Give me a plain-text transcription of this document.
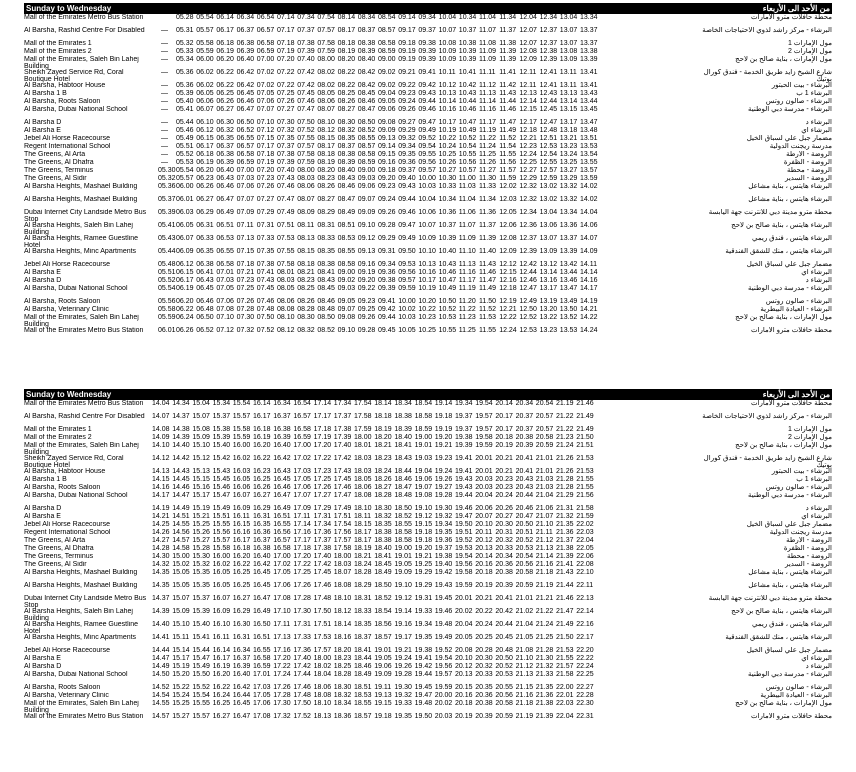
Sunday to Wednesday	من الأحد الى الأربعاء
Mall of the Emirates Metro Bus Station	05.28 05.54 06.14 06.34 06.54 07.14 07.34 07.54 08.14 08.34 08.54 09.14 09.34 10.04 10.34 11.04 11.34 12.04 12.34 13.04 13.34	محطة حافلات مترو الامارات
Al Barsha, Rashid Centre For Disabled	— 05.31 05.57 06.17 06.37 06.57 07.17 07.37 07.57 08.17 08.37 08.57 09.17 09.37 10.07 10.37 11.07 11.37 12.07 12.37 13.07 13.37	البرشاء - مركز راشد لذوي الاحتياجات الخاصة
Mall of the Emirates 1	— 05.32 05.58 06.18 06.38 06.58 07.18 07.38 07.58 08.18 08.38 08.58 09.18 09.38 10.08 10.38 11.08 11.38 12.07 12.37 13.07 13.37	مول الإمارات 1
Mall of the Emirates 2	— 05.33 05.59 06.19 06.39 06.59 07.19 07.39 07.59 08.19 08.39 08.59 09.19 09.39 10.09 10.39 11.09 11.39 12.08 12.38 13.08 13.38	مول الإمارات 2
Mall of the Emirates, Saleh Bin Lahej Building
— 05.34 06.00 06.20 06.40 07.00 07.20 07.40 08.00 08.20 08.40 09.00 09.19 09.39 10.09 10.39 11.09 11.39 12.09 12.39 13.09 13.39	مول الإمارات ، بناية صالح بن لاحج
Sheikh Zayed Service Rd, Coral Boutique Hotel
— 05.36 06.02 06.22 06.42 07.02 07.22 07.42 08.02 08.22 08.42 09.02 09.21 09.41 10.11 10.41 11.11 11.41 12.11 12.41 13.11 13.41	شارع الشيخ زايد طريق الخدمة - فندق كورال بوتيك
Al Barsha, Habtoor House	— 05.36 06.02 06.22 06.42 07.02 07.22 07.42 08.02 08.22 08.42 09.02 09.22 09.42 10.12 10.42 11.12 11.42 12.11 12.41 13.11 13.41	البرشاء - بيت الحبتور
Al Barsha 1 B	— 05.39 06.05 06.25 06.45 07.05 07.25 07.45 08.05 08.25 08.45 09.04 09.23 09.43 10.13 10.43 11.13 11.43 12.13 12.43 13.13 13.43	البرشاء 1 ب
Al Barsha, Roots Saloon	— 05.40 06.06 06.26 06.46 07.06 07.26 07.46 08.06 08.26 08.46 09.05 09.24 09.44 10.14 10.44 11.14 11.44 12.14 12.44 13.14 13.44	البرشاء - صالون روتس
Al Barsha, Dubai National School	— 05.41 06.07 06.27 06.47 07.07 07.27 07.47 08.07 08.27 08.47 09.06 09.26 09.46 10.16 10.46 11.16 11.46 12.15 12.45 13.15 13.45	البرشاء - مدرسة دبي الوطنية
Al Barsha D	— 05.44 06.10 06.30 06.50 07.10 07.30 07.50 08.10 08.30 08.50 09.08 09.27 09.47 10.17 10.47 11.17 11.47 12.17 12.47 13.17 13.47	البرشاء د
Al Barsha E	— 05.46 06.12 06.32 06.52 07.12 07.32 07.52 08.12 08.32 08.52 09.09 09.29 09.49 10.19 10.49 11.19 11.49 12.18 12.48 13.18 13.48	البرشاء أي
Jebel Ali Horse Racecourse	— 05.49 06.15 06.35 06.55 07.15 07.35 07.55 08.15 08.35 08.55 09.13 09.32 09.52 10.22 10.52 11.22 11.52 12.21 12.51 13.21 13.51	مضمار جبل علي لسباق الخيل
Regent International School	— 05.51 06.17 06.37 06.57 07.17 07.37 07.57 08.17 08.37 08.57 09.14 09.34 09.54 10.24 10.54 11.24 11.54 12.23 12.53 13.23 13.53	مدرسة ريجنت الدولية
The Greens, Al Arta	— 05.52 06.18 06.38 06.58 07.18 07.38 07.58 08.18 08.38 08.58 09.15 09.35 09.55 10.25 10.55 11.25 11.55 12.24 12.54 13.24 13.54	الروضة - الأرطة
The Greens, Al Dhafra	— 05.53 06.19 06.39 06.59 07.19 07.39 07.59 08.19 08.39 08.59 09.16 09.36 09.56 10.26 10.56 11.26 11.56 12.25 12.55 13.25 13.55	الروضة - الظفرة
The Greens, Terminus	05.30 05.54 06.20 06.40 07.00 07.20 07.40 08.00 08.20 08.40 09.00 09.18 09.37 09.57 10.27 10.57 11.27 11.57 12.27 12.57 13.27 13.57	الروضة - محطة
The Greens, Al Sidir	05.32 05.57 06.23 06.43 07.03 07.23 07.43 08.03 08.23 08.43 09.03 09.20 09.40 10.00 10.30 11.00 11.30 11.59 12.29 12.59 13.29 13.59	الروضة - السدير
Al Barsha Heights, Mashael Building	05.36 06.00 06.26 06.46 07.06 07.26 07.46 08.06 08.26 08.46 09.06 09.23 09.43 10.03 10.33 11.03 11.33 12.02 12.32 13.02 13.32 14.02	البرشاء هايتس ، بناية مشاعل
Al Barsha Heights, Mashael Building	05.37 06.01 06.27 06.47 07.07 07.27 07.47 08.07 08.27 08.47 09.07 09.24 09.44 10.04 10.34 11.04 11.34 12.03 12.32 13.02 13.32 14.02	البرشاء هايتس ، بناية مشاعل
Dubai Internet City Landside Metro Bus Stop
05.39 06.03 06.29 06.49 07.09 07.29 07.49 08.09 08.29 08.49 09.09 09.26 09.46 10.06 10.36 11.06 11.36 12.05 12.34 13.04 13.34 14.04	محطة مترو مدينة دبي للانترنت جهة اليابسة
Al Barsha Heights, Saleh Bin Lahej Building
05.41 06.05 06.31 06.51 07.11 07.31 07.51 08.11 08.31 08.51 09.10 09.28 09.47 10.07 10.37 11.07 11.37 12.06 12.36 13.06 13.36 14.06	البرشاء هايتس ، بناية صالح بن لاحج
Al Barsha Heights, Ramee Guestline Hotel
05.43 06.07 06.33 06.53 07.13 07.33 07.53 08.13 08.33 08.53 09.12 09.29 09.49 10.09 10.39 11.09 11.39 12.08 12.37 13.07 13.37 14.07	البرشاء هايتس ، فندق ريمي
Al Barsha Heights, Minc Apartments	05.44 06.09 06.35 06.55 07.15 07.35 07.55 08.15 08.35 08.55 09.13 09.31 09.50 10.10 10.40 11.10 11.40 12.09 12.39 13.09 13.39 14.09	البرشاء هايتس ، منك للشقق الفندقية
Jebel Ali Horse Racecourse	05.48 06.12 06.38 06.58 07.18 07.38 07.58 08.18 08.38 08.58 09.16 09.34 09.53 10.13 10.43 11.13 11.43 12.12 12.42 13.12 13.42 14.11	مضمار جبل علي لسباق الخيل
Al Barsha E	05.51 06.15 06.41 07.01 07.21 07.41 08.01 08.21 08.41 09.00 09.19 09.36 09.56 10.16 10.46 11.16 11.46 12.15 12.44 13.14 13.44 14.14	البرشاء أي
Al Barsha D	05.52 06.17 06.43 07.03 07.23 07.43 08.03 08.23 08.43 09.02 09.20 09.38 09.57 10.17 10.47 11.17 11.47 12.16 12.46 13.16 13.46 14.16	البرشاء د
Al Barsha, Dubai National School	05.54 06.19 06.45 07.05 07.25 07.45 08.05 08.25 08.45 09.03 09.22 09.39 09.59 10.19 10.49 11.19 11.49 12.18 12.47 13.17 13.47 14.17	البرشاء - مدرسة دبي الوطنية
Al Barsha, Roots Saloon	05.56 06.20 06.46 07.06 07.26 07.46 08.06 08.26 08.46 09.05 09.23 09.41 10.00 10.20 10.50 11.20 11.50 12.19 12.49 13.19 13.49 14.19	البرشاء - صالون روتس
Al Barsha, Veterinary Clinic	05.58 06.22 06.48 07.08 07.28 07.48 08.08 08.28 08.48 09.07 09.25 09.42 10.02 10.22 10.52 11.22 11.52 12.21 12.50 13.20 13.50 14.21	البرشاء - العيادة البيطرية
Mall of the Emirates, Saleh Bin Lahej Building
05.59 06.24 06.50 07.10 07.30 07.50 08.10 08.30 08.50 09.08 09.26 09.44 10.03 10.23 10.53 11.23 11.53 12.22 12.52 13.22 13.52 14.22	مول الإمارات ، بناية صالح بن لاحج
Mall of the Emirates Metro Bus Station	06.01 06.26 06.52 07.12 07.32 07.52 08.12 08.32 08.52 09.10 09.28 09.45 10.05 10.25 10.55 11.25 11.55 12.24 12.53 13.23 13.53 14.24	محطة حافلات مترو الامارات
Sunday to Wednesday	من الأحد الى الأربعاء
Mall of the Emirates Metro Bus Station	14.04 14.34 15.04 15.34 15.54 16.14 16.34 16.54 17.14 17.34 17.54 18.14 18.34 18.54 19.14 19.34 19.54 20.14 20.34 20.54 21.19 21.46	محطة حافلات مترو الامارات
Al Barsha, Rashid Centre For Disabled	14.07 14.37 15.07 15.37 15.57 16.17 16.37 16.57 17.17 17.37 17.58 18.18 18.38 18.58 19.18 19.37 19.57 20.17 20.37 20.57 21.22 21.49	البرشاء - مركز راشد لذوي الاحتياجات الخاصة
Mall of the Emirates 1	14.08 14.38 15.08 15.38 15.58 16.18 16.38 16.58 17.18 17.38 17.59 18.19 18.39 18.59 19.19 19.37 19.57 20.17 20.37 20.57 21.22 21.49	مول الإمارات 1
Mall of the Emirates 2	14.09 14.39 15.09 15.39 15.59 16.19 16.39 16.59 17.19 17.39 18.00 18.20 18.40 19.00 19.20 19.38 19.58 20.18 20.38 20.58 21.23 21.50	مول الإمارات 2
Mall of the Emirates, Saleh Bin Lahej Building
14.10 14.40 15.10 15.40 16.00 16.20 16.40 17.00 17.20 17.40 18.01 18.21 18.41 19.01 19.21 19.39 19.59 20.19 20.39 20.59 21.24 21.51	مول الإمارات ، بناية صالح بن لاحج
Sheikh Zayed Service Rd, Coral Boutique Hotel
14.12 14.42 15.12 15.42 16.02 16.22 16.42 17.02 17.22 17.42 18.03 18.23 18.43 19.03 19.23 19.41 20.01 20.21 20.41 21.01 21.26 21.53	شارع الشيخ زايد طريق الخدمة - فندق كورال بوتيك
Al Barsha, Habtoor House	14.13 14.43 15.13 15.43 16.03 16.23 16.43 17.03 17.23 17.43 18.03 18.24 18.44 19.04 19.24 19.41 20.01 20.21 20.41 21.01 21.26 21.53	البرشاء - بيت الحبتور
Al Barsha 1 B	14.15 14.45 15.15 15.45 16.05 16.25 16.45 17.05 17.25 17.45 18.05 18.26 18.46 19.06 19.26 19.43 20.03 20.23 20.43 21.03 21.28 21.55	البرشاء 1 ب
Al Barsha, Roots Saloon	14.16 14.46 15.16 15.46 16.06 16.26 16.46 17.06 17.26 17.46 18.06 18.27 18.47 19.07 19.27 19.43 20.03 20.23 20.43 21.03 21.28 21.55	البرشاء - صالون روتس
Al Barsha, Dubai National School	14.17 14.47 15.17 15.47 16.07 16.27 16.47 17.07 17.27 17.47 18.08 18.28 18.48 19.08 19.28 19.44 20.04 20.24 20.44 21.04 21.29 21.56	البرشاء - مدرسة دبي الوطنية
Al Barsha D	14.19 14.49 15.19 15.49 16.09 16.29 16.49 17.09 17.29 17.49 18.10 18.30 18.50 19.10 19.30 19.46 20.06 20.26 20.46 21.06 21.31 21.58	البرشاء د
Al Barsha E	14.21 14.51 15.21 15.51 16.11 16.31 16.51 17.11 17.31 17.51 18.11 18.32 18.52 19.12 19.32 19.47 20.07 20.27 20.47 21.07 21.32 21.59	البرشاء أي
Jebel Ali Horse Racecourse	14.25 14.55 15.25 15.55 16.15 16.35 16.55 17.14 17.34 17.54 18.15 18.35 18.55 19.15 19.34 19.50 20.10 20.30 20.50 21.10 21.35 22.02	مضمار جبل علي لسباق الخيل
Regent International School	14.26 14.56 15.26 15.56 16.16 16.36 16.56 17.16 17.36 17.56 18.17 18.38 18.58 19.18 19.35 19.51 20.11 20.31 20.51 21.11 21.36 22.03	مدرسة ريجنت الدولية
The Greens, Al Arta	14.27 14.57 15.27 15.57 16.17 16.37 16.57 17.17 17.37 17.57 18.17 18.38 18.58 19.18 19.36 19.52 20.12 20.32 20.52 21.12 21.37 22.04	الروضة - الأرطة
The Greens, Al Dhafra	14.28 14.58 15.28 15.58 16.18 16.38 16.58 17.18 17.38 17.58 18.19 18.40 19.00 19.20 19.37 19.53 20.13 20.33 20.53 21.13 21.38 22.05	الروضة - الظفرة
The Greens, Terminus	14.30 15.00 15.30 16.00 16.20 16.40 17.00 17.20 17.40 18.00 18.21 18.41 19.01 19.21 19.38 19.54 20.14 20.34 20.54 21.14 21.39 22.06	الروضة - محطة
The Greens, Al Sidir	14.32 15.02 15.32 16.02 16.22 16.42 17.02 17.22 17.42 18.03 18.24 18.45 19.05 19.25 19.40 19.56 20.16 20.36 20.56 21.16 21.41 22.08	الروضة - السدير
Al Barsha Heights, Mashael Building	14.35 15.05 15.35 16.05 16.25 16.45 17.05 17.25 17.45 18.07 18.28 18.49 19.09 19.29 19.42 19.58 20.18 20.38 20.58 21.18 21.43 22.10	البرشاء هايتس ، بناية مشاعل
Al Barsha Heights, Mashael Building	14.35 15.05 15.35 16.05 16.25 16.45 17.06 17.26 17.46 18.08 18.29 18.50 19.10 19.29 19.43 19.59 20.19 20.39 20.59 21.19 21.44 22.11	البرشاء هايتس ، بناية مشاعل
Dubai Internet City Landside Metro Bus Stop
14.37 15.07 15.37 16.07 16.27 16.47 17.08 17.28 17.48 18.10 18.31 18.52 19.12 19.31 19.45 20.01 20.21 20.41 21.01 21.21 21.46 22.13	محطة مترو مدينة دبي للانترنت جهة اليابسة
Al Barsha Heights, Saleh Bin Lahej Building
14.39 15.09 15.39 16.09 16.29 16.49 17.10 17.30 17.50 18.12 18.33 18.54 19.14 19.33 19.46 20.02 20.22 20.42 21.02 21.22 21.47 22.14	البرشاء هايتس ، بناية صالح بن لاحج
Al Barsha Heights, Ramee Guestline Hotel
14.40 15.10 15.40 16.10 16.30 16.50 17.11 17.31 17.51 18.14 18.35 18.56 19.16 19.34 19.48 20.04 20.24 20.44 21.04 21.24 21.49 22.16	البرشاء هايتس ، فندق ريمي
Al Barsha Heights, Minc Apartments	14.41 15.11 15.41 16.11 16.31 16.51 17.13 17.33 17.53 18.16 18.37 18.57 19.17 19.35 19.49 20.05 20.25 20.45 21.05 21.25 21.50 22.17	البرشاء هايتس ، منك للشقق الفندقية
Jebel Ali Horse Racecourse	14.44 15.14 15.44 16.14 16.34 16.55 17.16 17.36 17.57 18.20 18.41 19.01 19.21 19.38 19.52 20.08 20.28 20.48 21.08 21.28 21.53 22.20	مضمار جبل علي لسباق الخيل
Al Barsha E	14.47 15.17 15.47 16.17 16.37 16.58 17.20 17.40 18.00 18.23 18.44 19.05 19.24 19.41 19.54 20.10 20.30 20.50 21.10 21.30 21.55 22.22	البرشاء أي
Al Barsha D	14.49 15.19 15.49 16.19 16.39 16.59 17.22 17.42 18.02 18.25 18.46 19.06 19.26 19.42 19.56 20.12 20.32 20.52 21.12 21.32 21.57 22.24	البرشاء د
Al Barsha, Dubai National School	14.50 15.20 15.50 16.20 16.40 17.01 17.24 17.44 18.04 18.28 18.49 19.09 19.28 19.44 19.57 20.13 20.33 20.53 21.13 21.33 21.58 22.25	البرشاء - مدرسة دبي الوطنية
Al Barsha, Roots Saloon	14.52 15.22 15.52 16.22 16.42 17.03 17.26 17.46 18.06 18.30 18.51 19.11 19.30 19.45 19.59 20.15 20.35 20.55 21.15 21.35 22.00 22.27	البرشاء - صالون روتس
Al Barsha, Veterinary Clinic	14.54 15.24 15.54 16.24 16.44 17.05 17.28 17.48 18.08 18.32 18.53 19.13 19.32 19.47 20.00 20.16 20.36 20.56 21.16 21.36 22.01 22.28	البرشاء - العيادة البيطرية
Mall of the Emirates, Saleh Bin Lahej Building
14.55 15.25 15.55 16.25 16.45 17.06 17.30 17.50 18.10 18.34 18.55 19.15 19.33 19.48 20.02 20.18 20.38 20.58 21.18 21.38 22.03 22.30	مول الإمارات ، بناية صالح بن لاحج
Mall of the Emirates Metro Bus Station	14.57 15.27 15.57 16.27 16.47 17.08 17.32 17.52 18.13 18.36 18.57 19.18 19.35 19.50 20.03 20.19 20.39 20.59 21.19 21.39 22.04 22.31	محطة حافلات مترو الامارات
